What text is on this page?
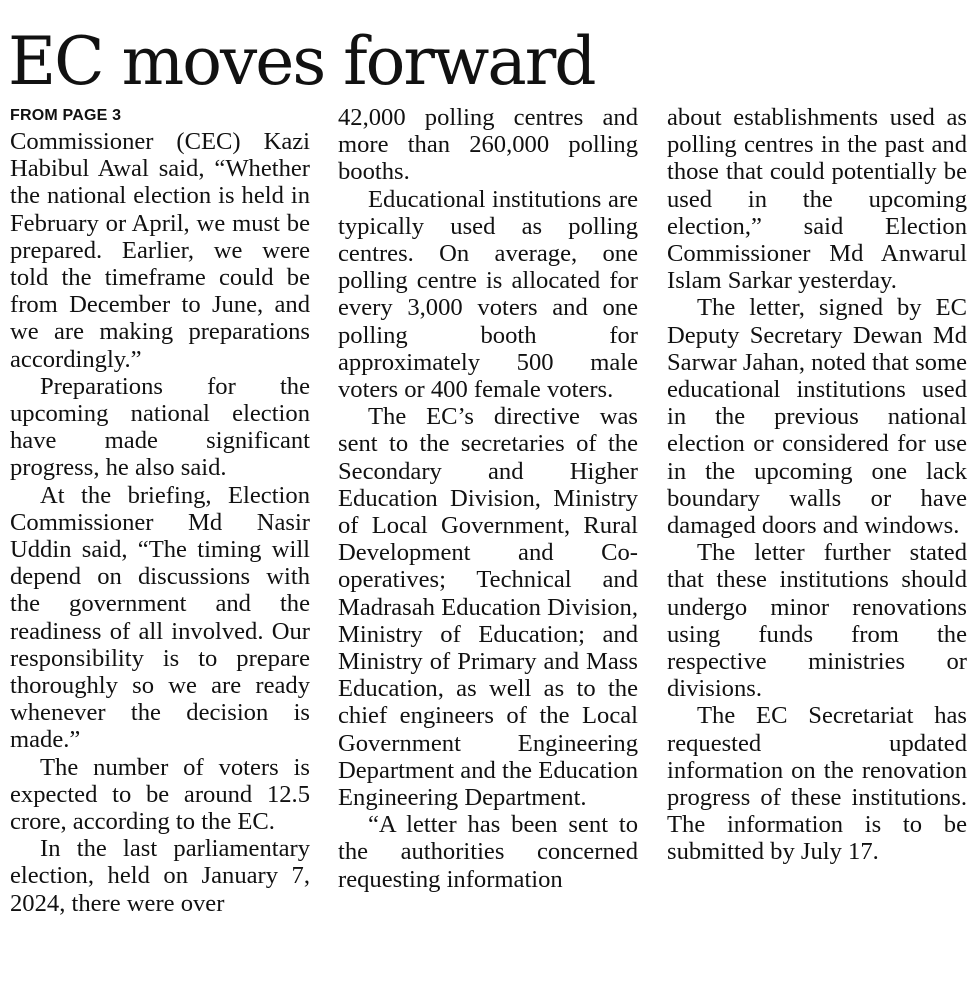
EC moves forward
FROM PAGE 3

Commissioner (CEC) Kazi Habibul Awal said, “Whether the national election is held in February or April, we must be prepared. Earlier, we were told the timeframe could be from December to June, and we are making preparations accordingly.”

Preparations for the upcoming national election have made significant progress, he also said.

At the briefing, Election Commissioner Md Nasir Uddin said, “The timing will depend on discussions with the government and the readiness of all involved. Our responsibility is to prepare thoroughly so we are ready whenever the decision is made.”

The number of voters is expected to be around 12.5 crore, according to the EC.

In the last parliamentary election, held on January 7, 2024, there were over

42,000 polling centres and more than 260,000 polling booths.

Educational institutions are typically used as polling centres. On average, one polling centre is allocated for every 3,000 voters and one polling booth for approximately 500 male voters or 400 female voters.

The EC’s directive was sent to the secretaries of the Secondary and Higher Education Division, Ministry of Local Government, Rural Development and Co-operatives; Technical and Madrasah Education Division, Ministry of Education; and Ministry of Primary and Mass Education, as well as to the chief engineers of the Local Government Engineering Department and the Education Engineering Department.

“A letter has been sent to the authorities concerned requesting information

about establishments used as polling centres in the past and those that could potentially be used in the upcoming election,” said Election Commissioner Md Anwarul Islam Sarkar yesterday.

The letter, signed by EC Deputy Secretary Dewan Md Sarwar Jahan, noted that some educational institutions used in the previous national election or considered for use in the upcoming one lack boundary walls or have damaged doors and windows.

The letter further stated that these institutions should undergo minor renovations using funds from the respective ministries or divisions.

The EC Secretariat has requested updated information on the renovation progress of these institutions. The information is to be submitted by July 17.
